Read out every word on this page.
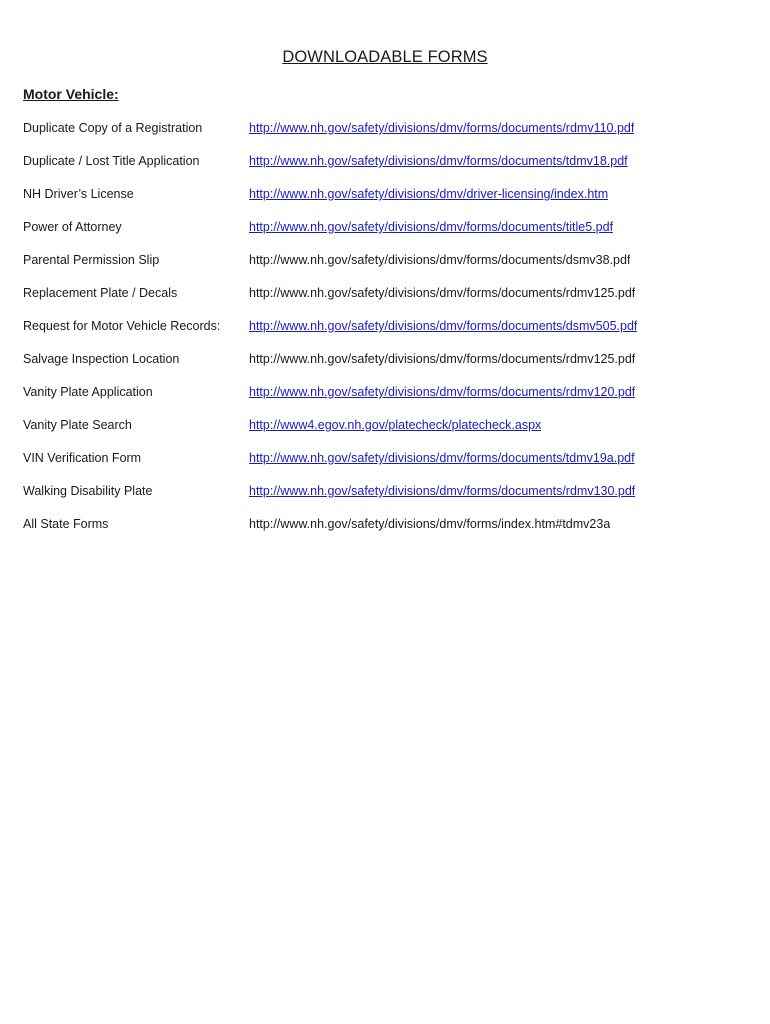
DOWNLOADABLE FORMS
Motor Vehicle:
Duplicate Copy of a Registration	http://www.nh.gov/safety/divisions/dmv/forms/documents/rdmv110.pdf
Duplicate / Lost Title Application	http://www.nh.gov/safety/divisions/dmv/forms/documents/tdmv18.pdf
NH Driver’s License	http://www.nh.gov/safety/divisions/dmv/driver-licensing/index.htm
Power of Attorney	http://www.nh.gov/safety/divisions/dmv/forms/documents/title5.pdf
Parental Permission Slip	http://www.nh.gov/safety/divisions/dmv/forms/documents/dsmv38.pdf
Replacement Plate / Decals	http://www.nh.gov/safety/divisions/dmv/forms/documents/rdmv125.pdf
Request for Motor Vehicle Records: http://www.nh.gov/safety/divisions/dmv/forms/documents/dsmv505.pdf
Salvage Inspection Location	http://www.nh.gov/safety/divisions/dmv/forms/documents/rdmv125.pdf
Vanity Plate Application	http://www.nh.gov/safety/divisions/dmv/forms/documents/rdmv120.pdf
Vanity Plate Search	http://www4.egov.nh.gov/platecheck/platecheck.aspx
VIN Verification Form	http://www.nh.gov/safety/divisions/dmv/forms/documents/tdmv19a.pdf
Walking Disability Plate	http://www.nh.gov/safety/divisions/dmv/forms/documents/rdmv130.pdf
All State Forms	http://www.nh.gov/safety/divisions/dmv/forms/index.htm#tdmv23a
